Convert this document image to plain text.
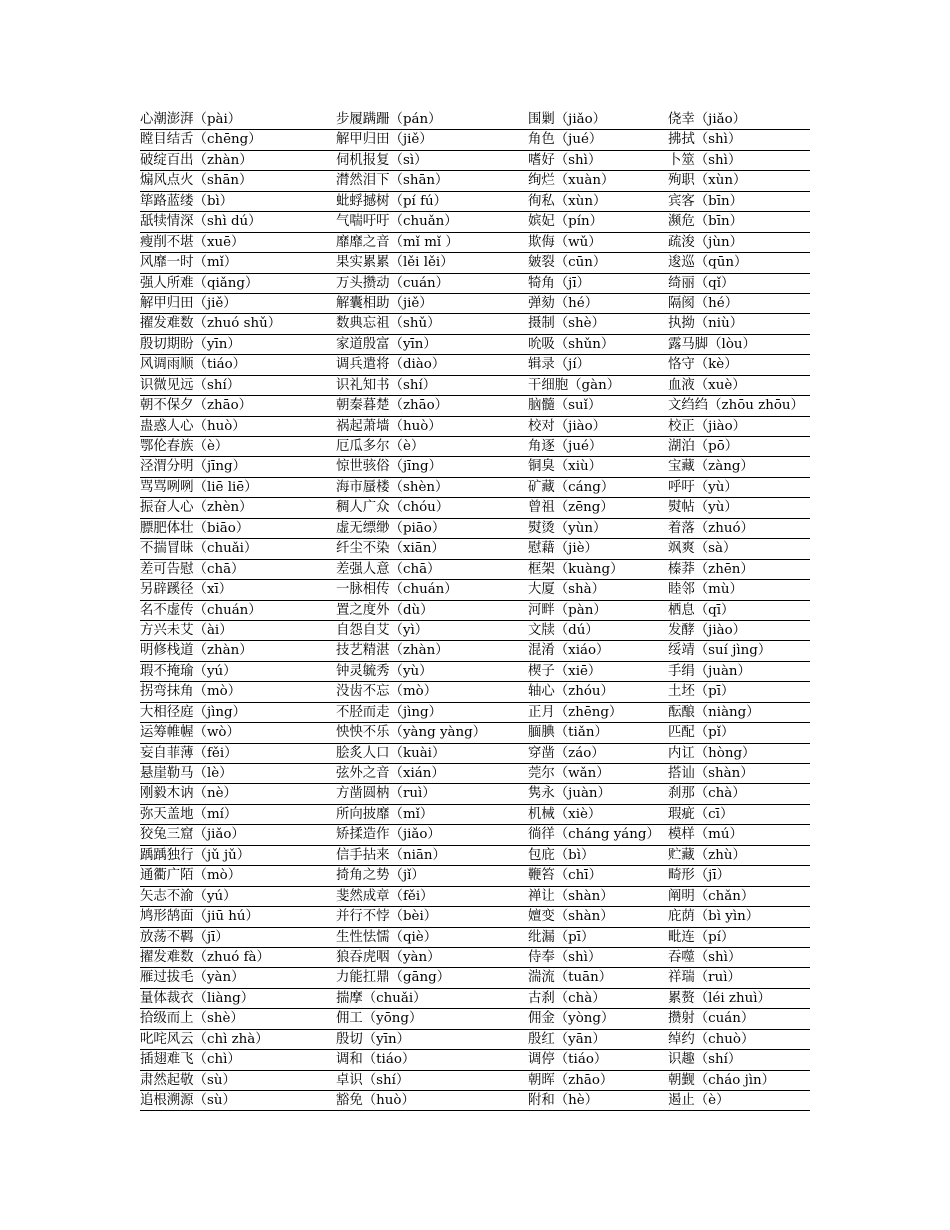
心潮澎湃（pài）	步履蹒跚（pán）	围剿（jiǎo）	侥幸（jiǎo）
瞠目结舌（chēng）	解甲归田（jiě）	角色（jué）	拂拭（shì）
破绽百出（zhàn）	伺机报复（sì）	嗜好（shì）	卜筮（shì）
煽风点火（shān）	潸然泪下（shān）	绚烂（xuàn）	殉职（xùn）
筚路蓝缕（bì）	蚍蜉撼树（pí fú）	徇私（xùn）	宾客（bīn）
舐犊情深（shì dú）	气喘吁吁（chuǎn）	嫔妃（pín）	濒危（bīn）
瘦削不堪（xuē）	靡靡之音（mǐ mǐ ）	欺侮（wǔ）	疏浚（jùn）
风靡一时（mǐ）	果实累累（lěi lěi）	皴裂（cūn）	逡巡（qūn）
强人所难（qiǎng）	万头攒动（cuán）	犄角（jī）	绮丽（qǐ）
解甲归田（jiě）	解囊相助（jiě）	弹劾（hé）	隔阂（hé）
擢发难数（zhuó shǔ）	数典忘祖（shǔ）	摄制（shè）	执拗（niù）
殷切期盼（yīn）	家道殷富（yīn）	吮吸（shǔn）	露马脚（lòu）
风调雨顺（tiáo）	调兵遣将（diào）	辑录（jí）	恪守（kè）
识微见远（shí）	识礼知书（shí）	干细胞（gàn）	血液（xuè）
朝不保夕（zhāo）	朝秦暮楚（zhāo）	脑髓（suǐ）	文绉绉（zhōu zhōu）
蛊惑人心（huò）	祸起萧墙（huò）	校对（jiào）	校正（jiào）
鄂伦春族（è）	厄瓜多尔（è）	角逐（jué）	湖泊（pō）
泾渭分明（jīng）	惊世骇俗（jīng）	铜臭（xiù）	宝藏（zàng）
骂骂咧咧（liē liē）	海市蜃楼（shèn）	矿藏（cáng）	呼吁（yù）
振奋人心（zhèn）	稠人广众（chóu）	曾祖（zēng）	熨帖（yù）
膘肥体壮（biāo）	虚无缥缈（piāo）	熨烫（yùn）	着落（zhuó）
不揣冒昧（chuǎi）	纤尘不染（xiān）	慰藉（jiè）	飒爽（sà）
差可告慰（chā）	差强人意（chā）	框架（kuàng）	榛莽（zhēn）
另辟蹊径（xī）	一脉相传（chuán）	大厦（shà）	睦邻（mù）
名不虚传（chuán）	置之度外（dù）	河畔（pàn）	栖息（qī）
方兴未艾（ài）	自怨自艾（yì）	文牍（dú）	发酵（jiào）
明修栈道（zhàn）	技艺精湛（zhàn）	混淆（xiáo）	绥靖（suí jìng）
瑕不掩瑜（yú）	钟灵毓秀（yù）	楔子（xiē）	手绢（juàn）
拐弯抹角（mò）	没齿不忘（mò）	轴心（zhóu）	土坯（pī）
大相径庭（jìng）	不胫而走（jìng）	正月（zhēng）	酝酿（niàng）
运筹帷幄（wò）	怏怏不乐（yàng yàng）	腼腆（tiǎn）	匹配（pǐ）
妄自菲薄（fěi）	脍炙人口（kuài）	穿凿（záo）	内讧（hòng）
悬崖勒马（lè）	弦外之音（xián）	莞尔（wǎn）	搭讪（shàn）
刚毅木讷（nè）	方凿圆枘（ruì）	隽永（juàn）	刹那（chà）
弥天盖地（mí）	所向披靡（mǐ）	机械（xiè）	瑕疵（cī）
狡兔三窟（jiǎo）	矫揉造作（jiǎo）	徜徉（cháng yáng） 模样（mú）
踽踽独行（jǔ jǔ）	信手拈来（niān）	包庇（bì）	贮藏（zhù）
通衢广陌（mò）	掎角之势（jǐ）	鞭笞（chī）	畸形（jī）
矢志不渝（yú）	斐然成章（fěi）	禅让（shàn）	阐明（chǎn）
鸠形鹄面（jiū hú）	并行不悖（bèi）	嬗变（shàn）	庇荫（bì yìn）
放荡不羁（jī）	生性怯懦（qiè）	纰漏（pī）	毗连（pí）
擢发难数（zhuó fà）	狼吞虎咽（yàn）	侍奉（shì）	吞噬（shì）
雁过拔毛（yàn）	力能扛鼎（gāng）	湍流（tuān）	祥瑞（ruì）
量体裁衣（liàng）	揣摩（chuǎi）	古刹（chà）	累赘（léi zhuì）
拾级而上（shè）	佣工（yōng）	佣金（yòng）	攒射（cuán）
叱咤风云（chì zhà）	殷切（yīn）	殷红（yān）	绰约（chuò）
插翅难飞（chì）	调和（tiáo）	调停（tiáo）	识趣（shí）
肃然起敬（sù）	卓识（shí）	朝晖（zhāo）	朝觐（cháo jìn）
追根溯源（sù）	豁免（huò）	附和（hè）	遏止（è）
